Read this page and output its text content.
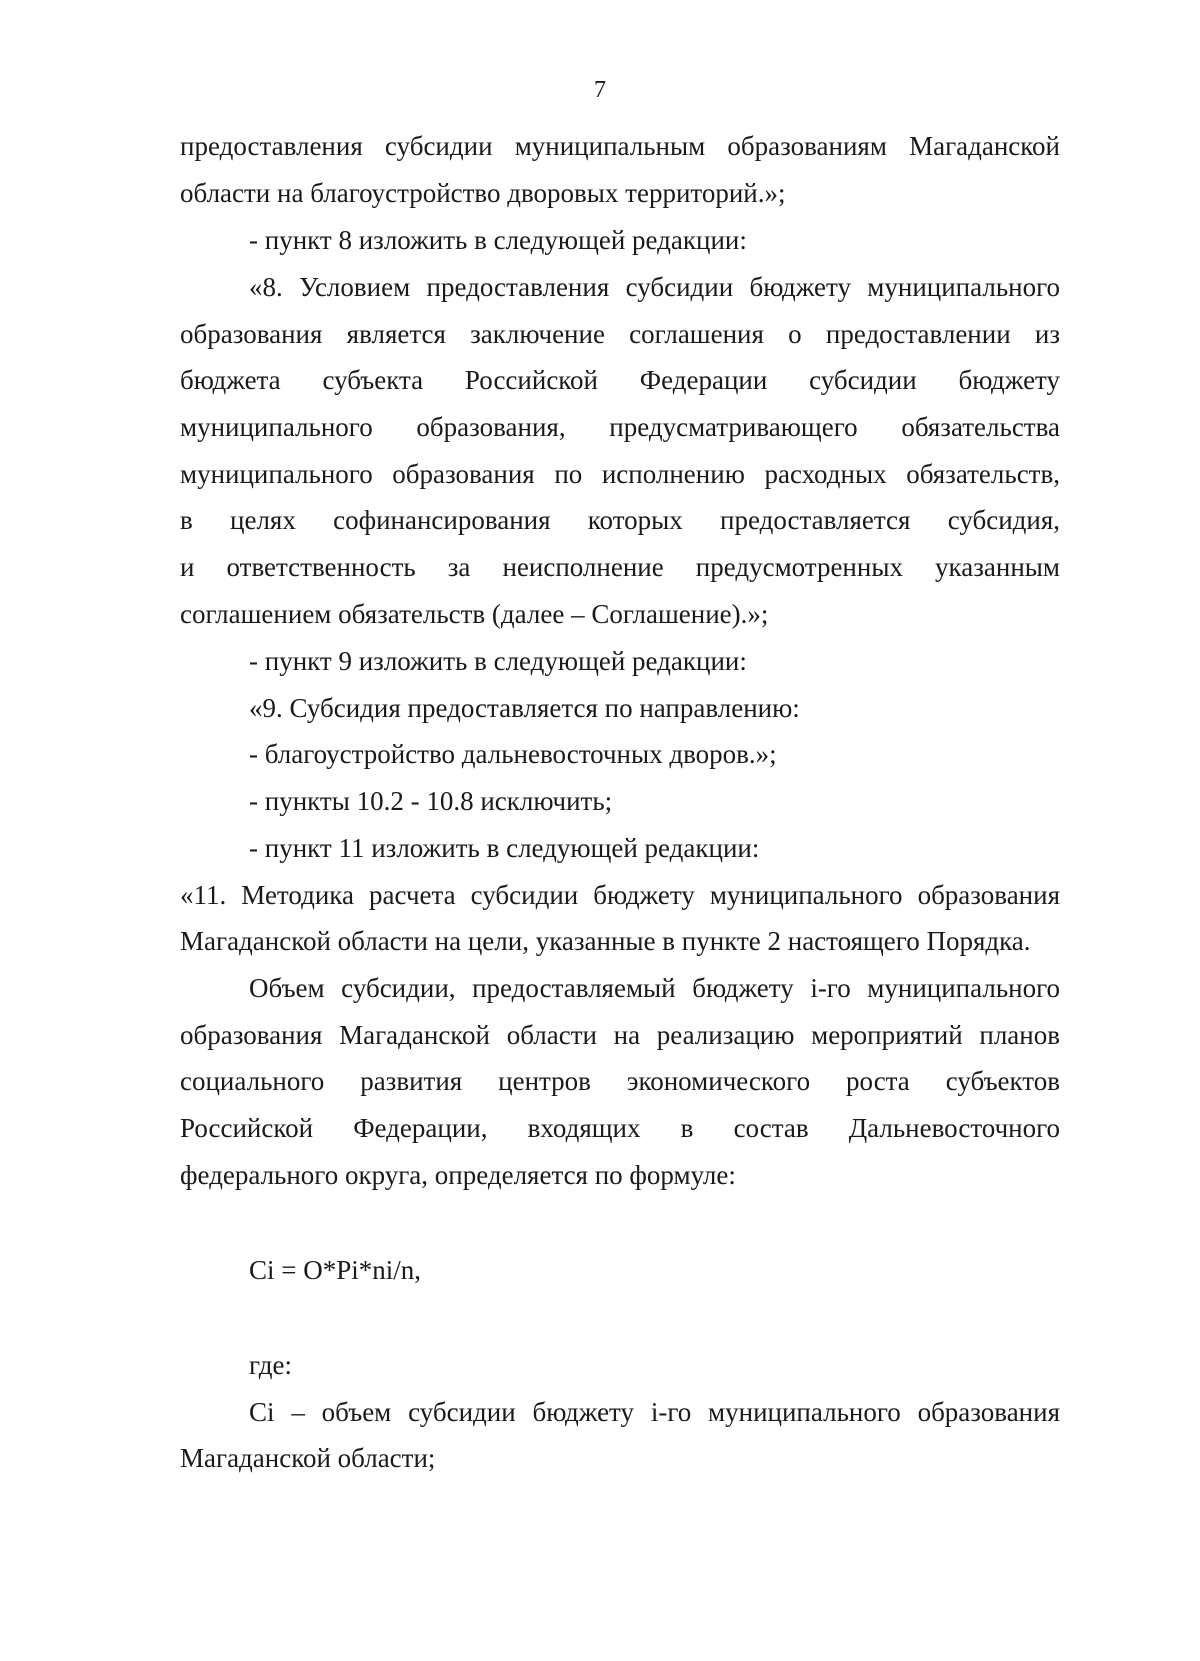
7
предоставления субсидии муниципальным образованиям Магаданской
области на благоустройство дворовых территорий.»;
- пункт 8 изложить в следующей редакции:
«8. Условием предоставления субсидии бюджету муниципального
образования является заключение соглашения о предоставлении из
бюджета субъекта Российской Федерации субсидии бюджету
муниципального образования, предусматривающего обязательства
муниципального образования по исполнению расходных обязательств,
в целях софинансирования которых предоставляется субсидия,
и ответственность за неисполнение предусмотренных указанным
соглашением обязательств (далее – Соглашение).»;
- пункт 9 изложить в следующей редакции:
«9. Субсидия предоставляется по направлению:
- благоустройство дальневосточных дворов.»;
- пункты 10.2 - 10.8 исключить;
- пункт 11 изложить в следующей редакции:
«11. Методика расчета субсидии бюджету муниципального образования
Магаданской области на цели, указанные в пункте 2 настоящего Порядка.
Объем субсидии, предоставляемый бюджету i-го муниципального
образования Магаданской области на реализацию мероприятий планов
социального развития центров экономического роста субъектов
Российской Федерации, входящих в состав Дальневосточного
федерального округа, определяется по формуле:
Ci = O*Pi*ni/n,
где:
Ci – объем субсидии бюджету i-го муниципального образования
Магаданской области;
